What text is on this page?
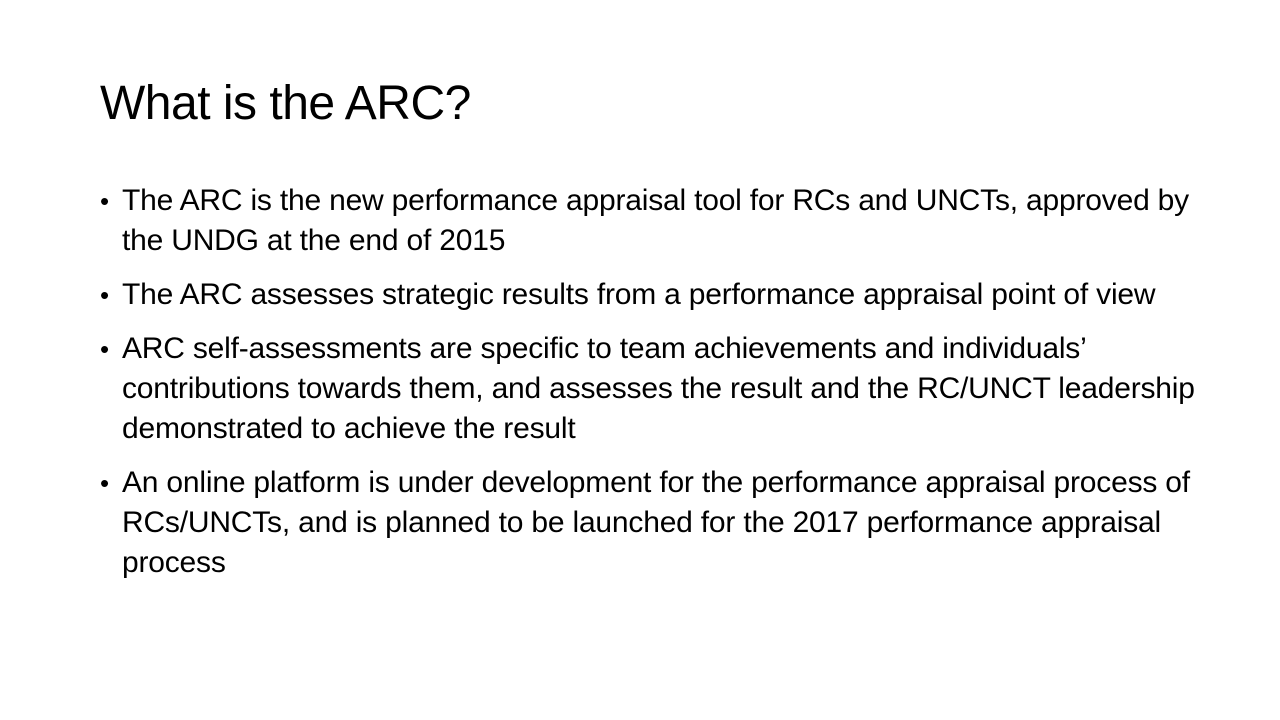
What is the ARC?
• The ARC is the new performance appraisal tool for RCs and UNCTs, approved by the UNDG at the end of 2015
• The ARC assesses strategic results from a performance appraisal point of view
• ARC self-assessments are specific to team achievements and individuals’ contributions towards them, and assesses the result and the RC/UNCT leadership demonstrated to achieve the result
• An online platform is under development for the performance appraisal process of RCs/UNCTs, and is planned to be launched for the 2017 performance appraisal process
